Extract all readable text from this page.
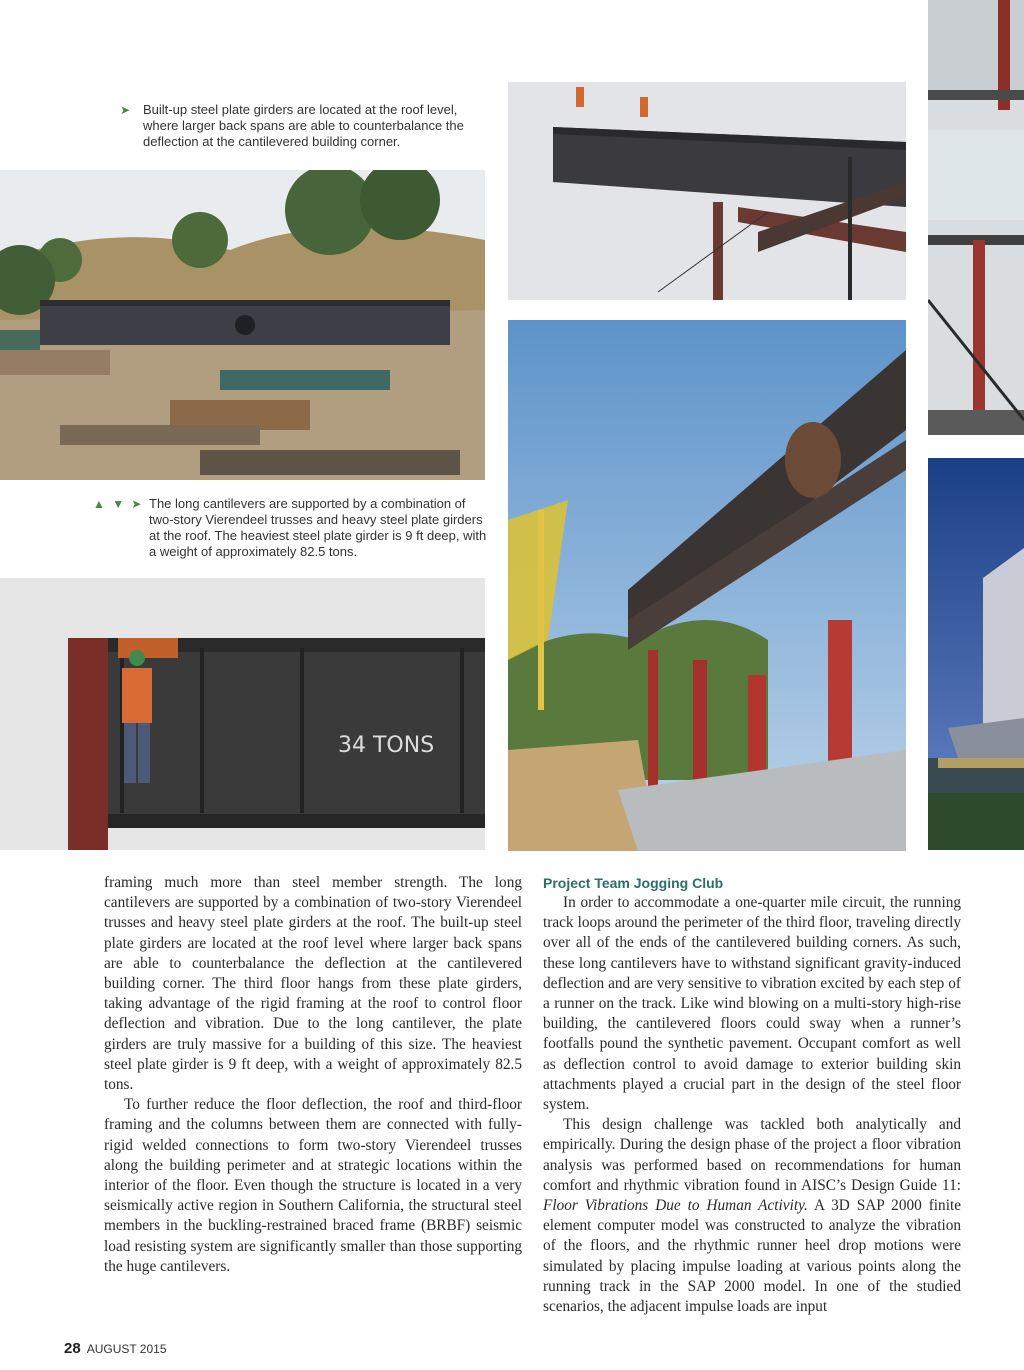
➤ Built-up steel plate girders are located at the roof level, where larger back spans are able to counterbalance the deflection at the cantilevered building corner.
▲ ▼ ➤ The long cantilevers are supported by a combination of two-story Vierendeel trusses and heavy steel plate girders at the roof. The heaviest steel plate girder is 9 ft deep, with a weight of approximately 82.5 tons.
34 TONS

framing much more than steel member strength. The long cantilevers are supported by a combination of two-story Vierendeel trusses and heavy steel plate girders at the roof. The built-up steel plate girders are located at the roof level where larger back spans are able to counterbalance the deflection at the cantilevered building corner. The third floor hangs from these plate girders, taking advantage of the rigid framing at the roof to control floor deflection and vibration. Due to the long cantilever, the plate girders are truly massive for a building of this size. The heaviest steel plate girder is 9 ft deep, with a weight of approximately 82.5 tons.

To further reduce the floor deflection, the roof and third-floor framing and the columns between them are connected with fully-rigid welded connections to form two-story Vierendeel trusses along the building perimeter and at strategic locations within the interior of the floor. Even though the structure is located in a very seismically active region in Southern California, the structural steel members in the buckling-restrained braced frame (BRBF) seismic load resisting system are significantly smaller than those supporting the huge cantilevers.

Project Team Jogging Club

In order to accommodate a one-quarter mile circuit, the running track loops around the perimeter of the third floor, traveling directly over all of the ends of the cantilevered building corners. As such, these long cantilevers have to withstand significant gravity-induced deflection and are very sensitive to vibration excited by each step of a runner on the track. Like wind blowing on a multi-story high-rise building, the cantilevered floors could sway when a runner’s footfalls pound the synthetic pavement. Occupant comfort as well as deflection control to avoid damage to exterior building skin attachments played a crucial part in the design of the steel floor system.

This design challenge was tackled both analytically and empirically. During the design phase of the project a floor vibration analysis was performed based on recommendations for human comfort and rhythmic vibration found in AISC’s Design Guide 11: Floor Vibrations Due to Human Activity. A 3D SAP 2000 finite element computer model was constructed to analyze the vibration of the floors, and the rhythmic runner heel drop motions were simulated by placing impulse loading at various points along the running track in the SAP 2000 model. In one of the studied scenarios, the adjacent impulse loads are input

28 AUGUST 2015
